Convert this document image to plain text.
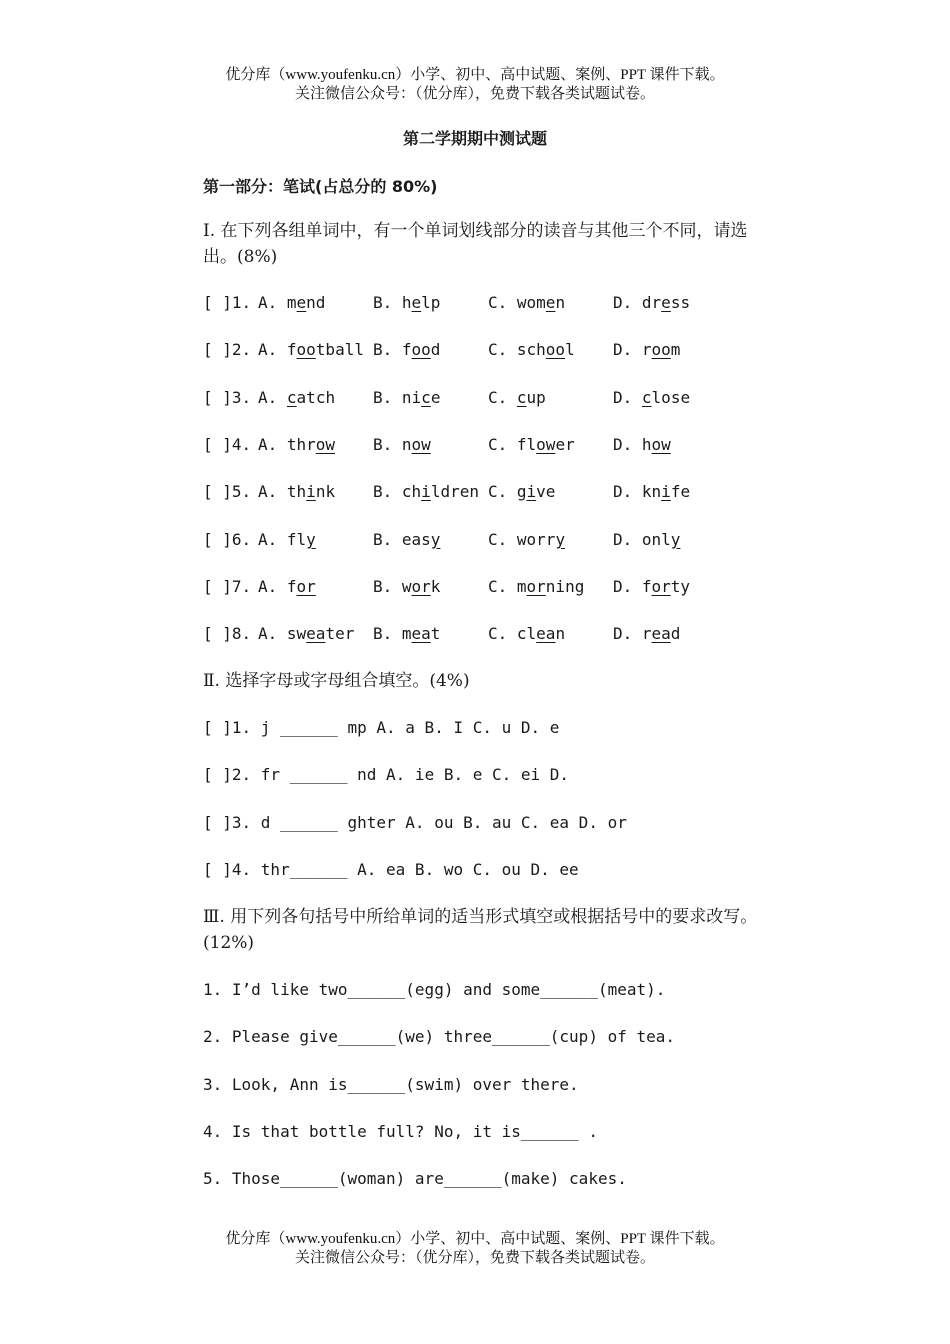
优分库（www.youfenku.cn）小学、初中、高中试题、案例、PPT 课件下载。
关注微信公众号：（优分库），免费下载各类试题试卷。
第二学期期中测试题
第一部分：笔试(占总分的 80%)
Ⅰ. 在下列各组单词中，有一个单词划线部分的读音与其他三个不同，请选出。(8%)
[ ]1. A. mend	B. help	C. women	D. dress
[ ]2. A. football B. food	C. school D. room
[ ]3. A. catch B. nice	C. cup	D. close
[ ]4. A. throw B. now	C. flower D. how
[ ]5. A. think B. children C. give	D. knife
[ ]6. A. fly	B. easy	C. worry	D. only
[ ]7. A. for	B. work	C. morning D. forty
[ ]8. A. sweater B. meat	C. clean	D. read
Ⅱ. 选择字母或字母组合填空。(4%)
[ ]1. j ______ mp A. a B. I C. u D. e
[ ]2. fr ______ nd A. ie B. e C. ei D.
[ ]3. d ______ ghter A. ou B. au C. ea D. or
[ ]4. thr______ A. ea B. wo C. ou D. ee
Ⅲ. 用下列各句括号中所给单词的适当形式填空或根据括号中的要求改写。(12%)
1. I’d like two______(egg) and some______(meat).
2. Please give______(we) three______(cup) of tea.
3. Look, Ann is______(swim) over there.
4. Is that bottle full? No, it is______ .
5. Those______(woman) are______(make) cakes.
优分库（www.youfenku.cn）小学、初中、高中试题、案例、PPT 课件下载。
关注微信公众号：（优分库），免费下载各类试题试卷。
